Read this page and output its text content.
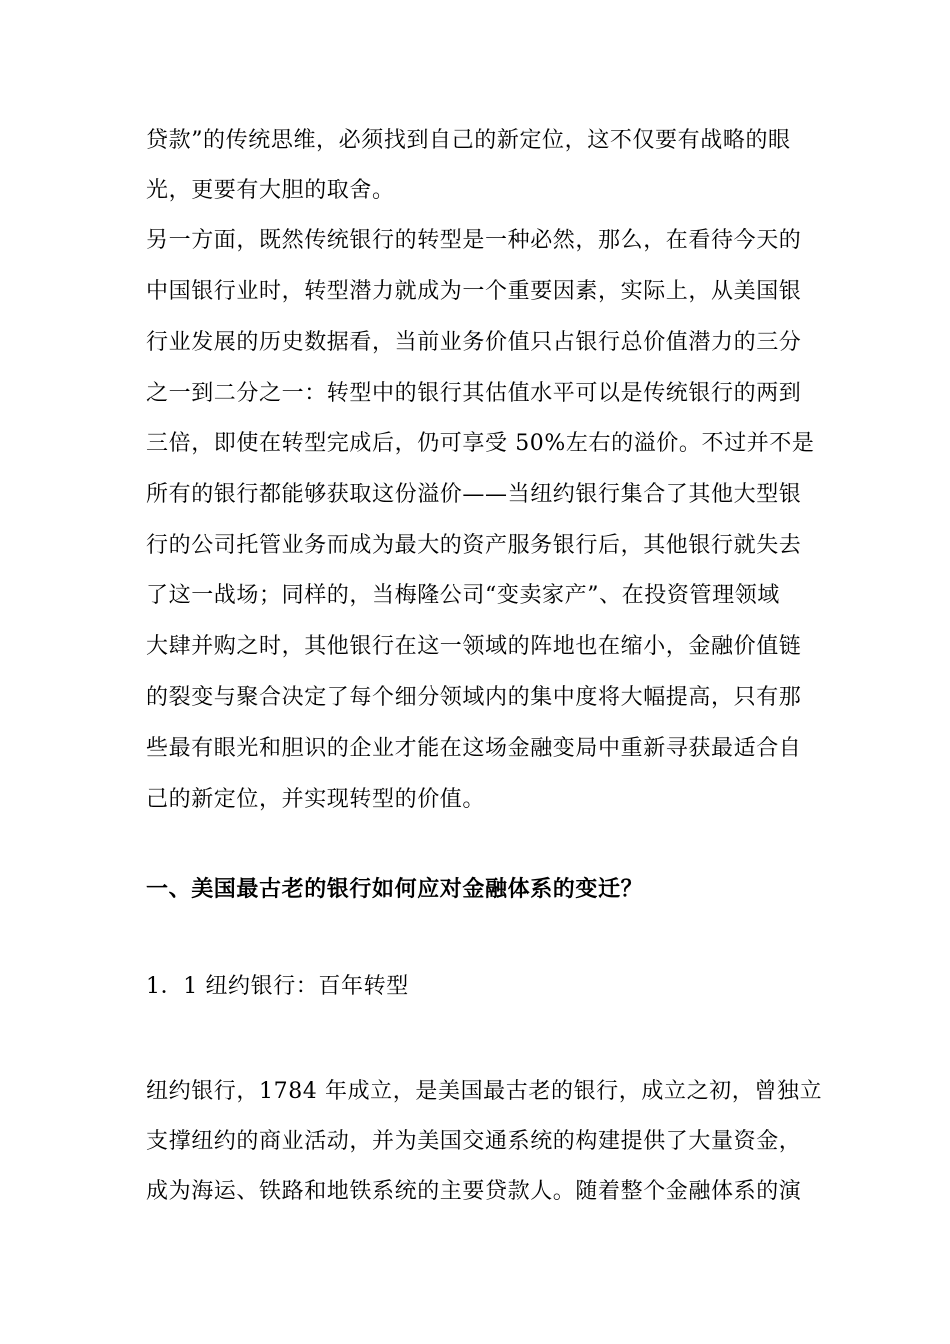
贷款”的传统思维，必须找到自己的新定位，这不仅要有战略的眼
光，更要有大胆的取舍。
另一方面，既然传统银行的转型是一种必然，那么，在看待今天的
中国银行业时，转型潜力就成为一个重要因素，实际上，从美国银
行业发展的历史数据看，当前业务价值只占银行总价值潜力的三分
之一到二分之一：转型中的银行其估值水平可以是传统银行的两到
三倍，即使在转型完成后，仍可享受 50%左右的溢价。不过并不是
所有的银行都能够获取这份溢价——当纽约银行集合了其他大型银
行的公司托管业务而成为最大的资产服务银行后，其他银行就失去
了这一战场；同样的，当梅隆公司“变卖家产”、在投资管理领域
大肆并购之时，其他银行在这一领域的阵地也在缩小，金融价值链
的裂变与聚合决定了每个细分领域内的集中度将大幅提高，只有那
些最有眼光和胆识的企业才能在这场金融变局中重新寻获最适合自
己的新定位，并实现转型的价值。
一、美国最古老的银行如何应对金融体系的变迁？
1．1 纽约银行：百年转型
纽约银行，1784 年成立，是美国最古老的银行，成立之初，曾独立
支撑纽约的商业活动，并为美国交通系统的构建提供了大量资金，
成为海运、铁路和地铁系统的主要贷款人。随着整个金融体系的演
